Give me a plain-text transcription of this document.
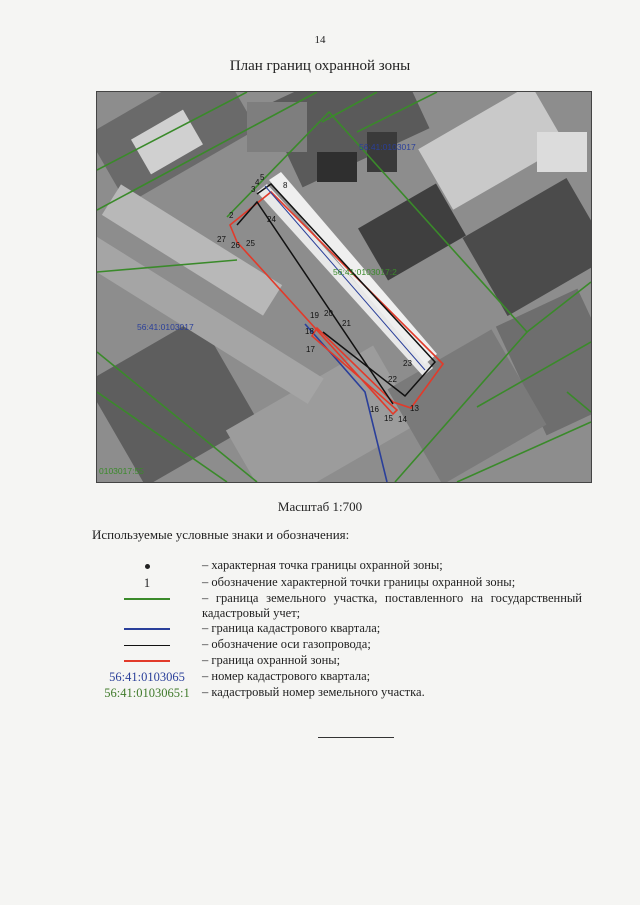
14
План границ охранной зоны
2
3
4
5
8
24
27
26 25
19 20
21
18
17
23
22
16
15 14
13
56:41:0103017
56:41:0103017
56:41:0103017:2
0103017:55
Масштаб 1:700
Используемые условные знаки и обозначения:
– характерная точка границы охранной зоны;
1	– обозначение характерной точки границы охранной зоны;
– граница земельного участка, поставленного на государственный кадастровый учет;
– граница кадастрового квартала;
– обозначение оси газопровода;
– граница охранной зоны;
56:41:0103065	– номер кадастрового квартала;
56:41:0103065:1 – кадастровый номер земельного участка.
